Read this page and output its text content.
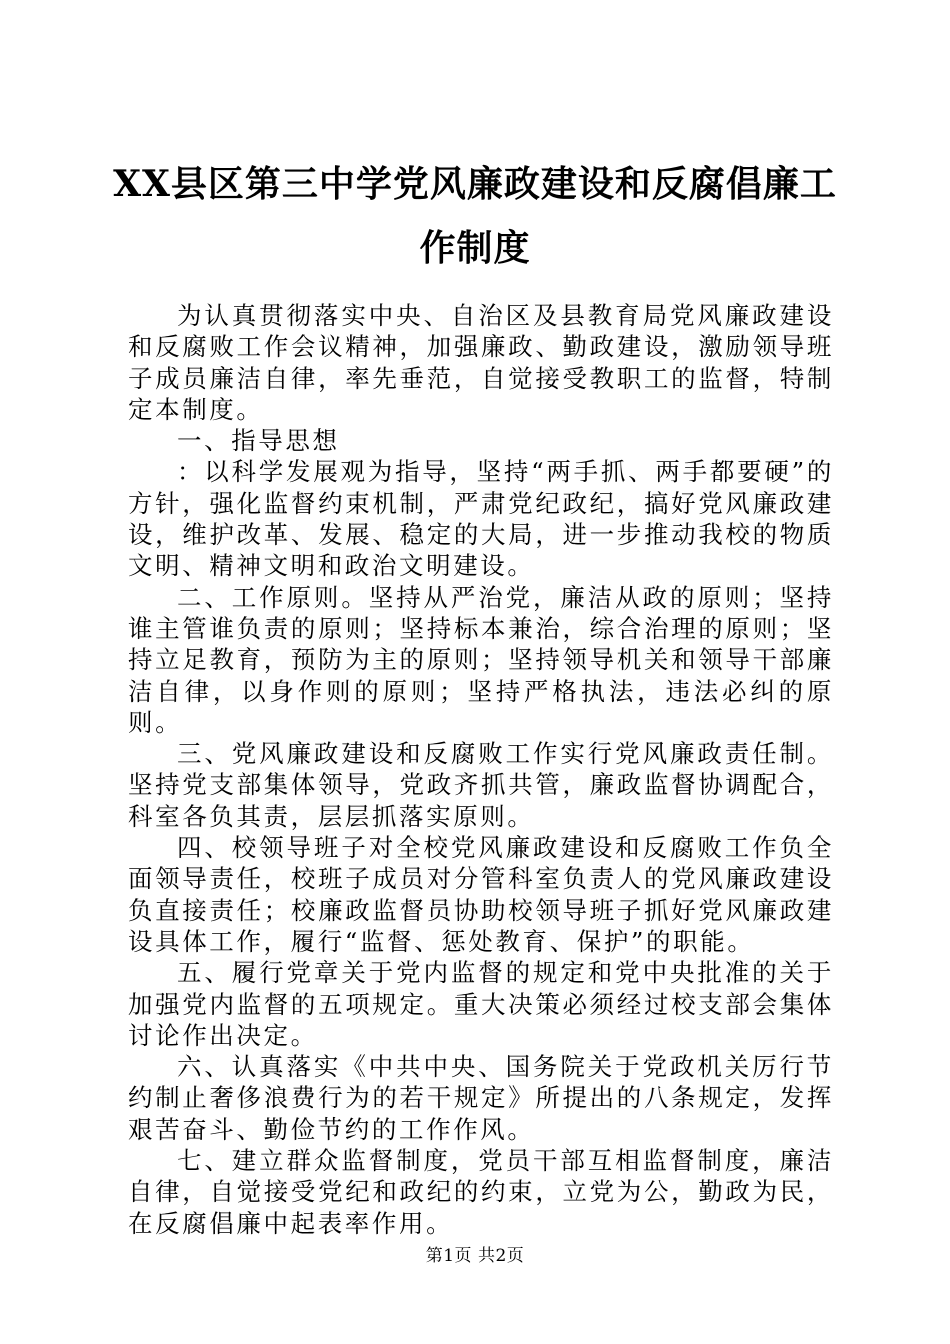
XX县区第三中学党风廉政建设和反腐倡廉工
作制度

为认真贯彻落实中央、自治区及县教育局党风廉政建设和反腐败工作会议精神，加强廉政、勤政建设，激励领导班子成员廉洁自律，率先垂范，自觉接受教职工的监督，特制定本制度。

一、指导思想

：以科学发展观为指导，坚持“两手抓、两手都要硬”的方针，强化监督约束机制，严肃党纪政纪，搞好党风廉政建设，维护改革、发展、稳定的大局，进一步推动我校的物质文明、精神文明和政治文明建设。

二、工作原则。坚持从严治党，廉洁从政的原则；坚持谁主管谁负责的原则；坚持标本兼治，综合治理的原则；坚持立足教育，预防为主的原则；坚持领导机关和领导干部廉洁自律，以身作则的原则；坚持严格执法，违法必纠的原则。

三、党风廉政建设和反腐败工作实行党风廉政责任制。坚持党支部集体领导，党政齐抓共管，廉政监督协调配合，科室各负其责，层层抓落实原则。

四、校领导班子对全校党风廉政建设和反腐败工作负全面领导责任，校班子成员对分管科室负责人的党风廉政建设负直接责任；校廉政监督员协助校领导班子抓好党风廉政建设具体工作，履行“监督、惩处教育、保护”的职能。

五、履行党章关于党内监督的规定和党中央批准的关于加强党内监督的五项规定。重大决策必须经过校支部会集体讨论作出决定。

六、认真落实《中共中央、国务院关于党政机关厉行节约制止奢侈浪费行为的若干规定》所提出的八条规定，发挥艰苦奋斗、勤俭节约的工作作风。

七、建立群众监督制度，党员干部互相监督制度，廉洁自律，自觉接受党纪和政纪的约束，立党为公，勤政为民，在反腐倡廉中起表率作用。

第1页 共2页
